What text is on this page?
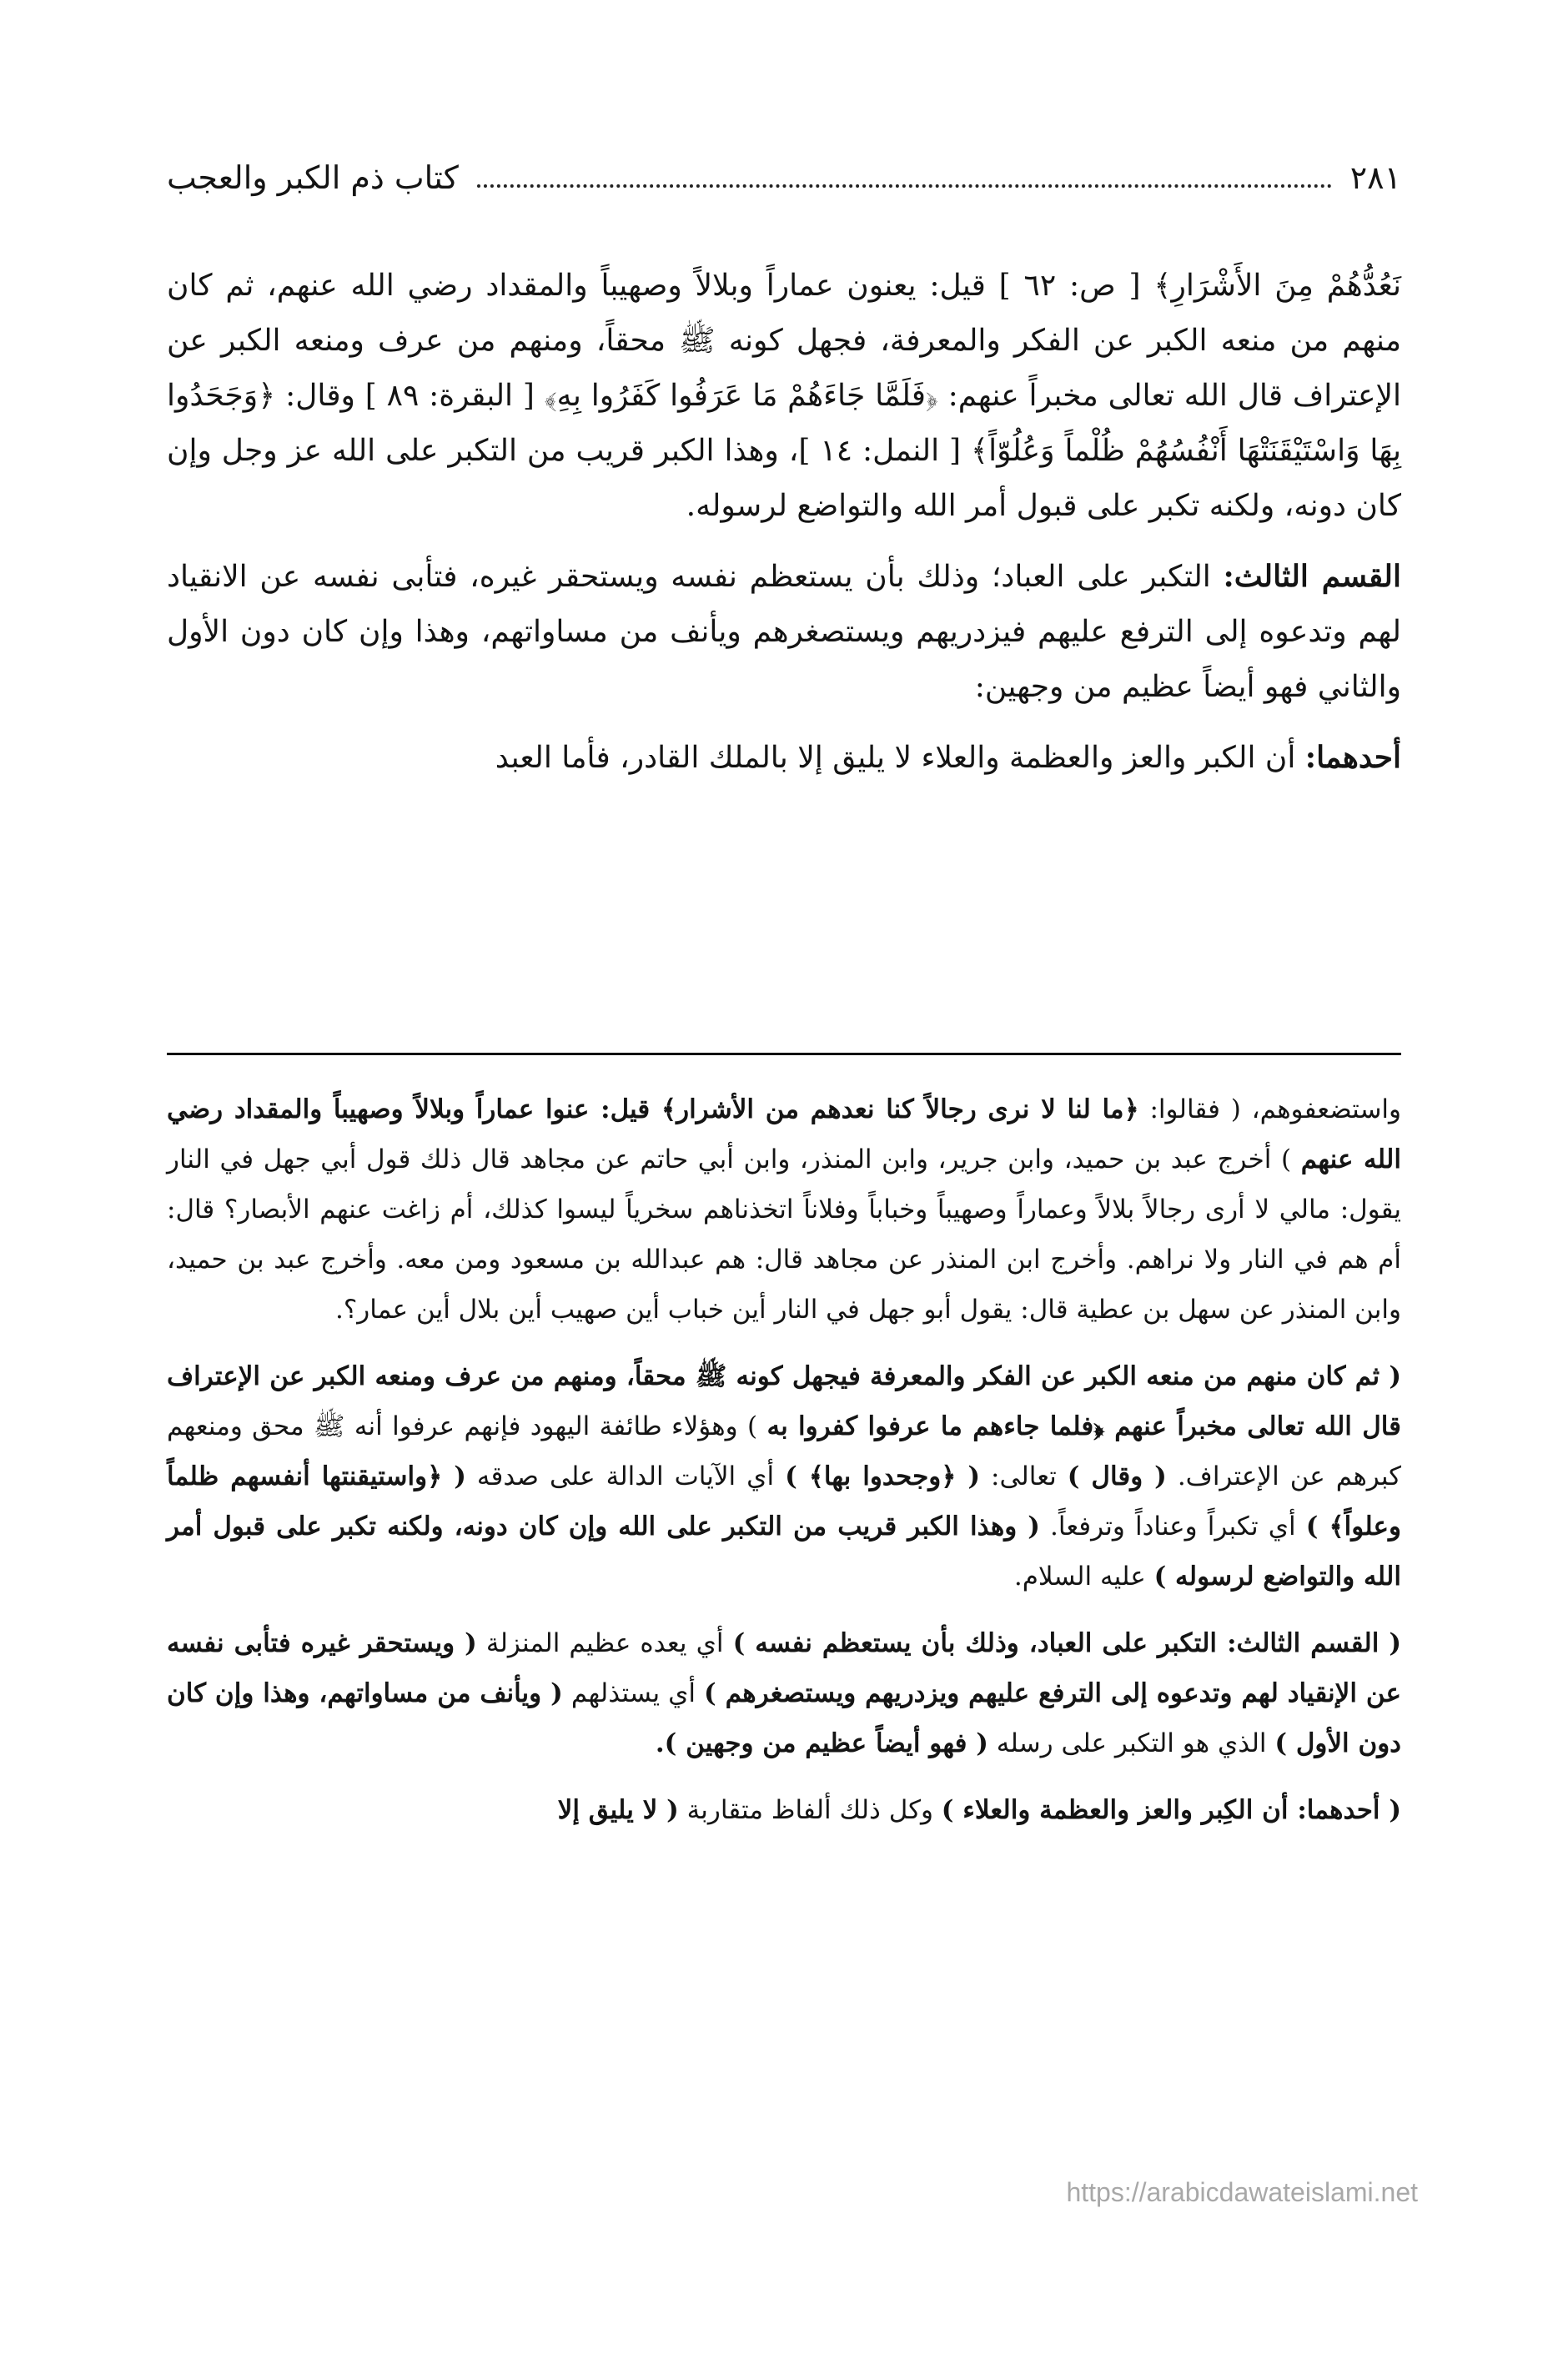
كتاب ذم الكبر والعجب	٢٨١

نَعُدُّهُمْ مِنَ الأَشْرَارِ﴾ [ ص: ٦٢ ] قيل: يعنون عماراً وبلالاً وصهيباً والمقداد رضي الله عنهم، ثم كان منهم من منعه الكبر عن الفكر والمعرفة، فجهل كونه ﷺ محقاً، ومنهم من عرف ومنعه الكبر عن الإعتراف قال الله تعالى مخبراً عنهم: ﴿فَلَمَّا جَاءَهُمْ مَا عَرَفُوا كَفَرُوا بِهِ﴾ [ البقرة: ٨٩ ] وقال: ﴿وَجَحَدُوا بِهَا وَاسْتَيْقَنَتْهَا أَنْفُسُهُمْ ظُلْماً وَعُلُوّاً﴾ [ النمل: ١٤ ]، وهذا الكبر قريب من التكبر على الله عز وجل وإن كان دونه، ولكنه تكبر على قبول أمر الله والتواضع لرسوله.

القسم الثالث: التكبر على العباد؛ وذلك بأن يستعظم نفسه ويستحقر غيره، فتأبى نفسه عن الانقياد لهم وتدعوه إلى الترفع عليهم فيزدريهم ويستصغرهم ويأنف من مساواتهم، وهذا وإن كان دون الأول والثاني فهو أيضاً عظيم من وجهين:

أحدهما: أن الكبر والعز والعظمة والعلاء لا يليق إلا بالملك القادر، فأما العبد

واستضعفوهم، ( فقالوا: ﴿ما لنا لا نرى رجالاً كنا نعدهم من الأشرار﴾ قيل: عنوا عماراً وبلالاً وصهيباً والمقداد رضي الله عنهم ) أخرج عبد بن حميد، وابن جرير، وابن المنذر، وابن أبي حاتم عن مجاهد قال ذلك قول أبي جهل في النار يقول: مالي لا أرى رجالاً بلالاً وعماراً وصهيباً وخباباً وفلاناً اتخذناهم سخرياً ليسوا كذلك، أم زاغت عنهم الأبصار؟ قال: أم هم في النار ولا نراهم. وأخرج ابن المنذر عن مجاهد قال: هم عبدالله بن مسعود ومن معه. وأخرج عبد بن حميد، وابن المنذر عن سهل بن عطية قال: يقول أبو جهل في النار أين خباب أين صهيب أين بلال أين عمار؟.

( ثم كان منهم من منعه الكبر عن الفكر والمعرفة فيجهل كونه ﷺ محقاً، ومنهم من عرف ومنعه الكبر عن الإعتراف قال الله تعالى مخبراً عنهم ﴿فلما جاءهم ما عرفوا كفروا به ) وهؤلاء طائفة اليهود فإنهم عرفوا أنه ﷺ محق ومنعهم كبرهم عن الإعتراف. ( وقال ) تعالى: ( ﴿وجحدوا بها﴾ ) أي الآيات الدالة على صدقه ( ﴿واستيقنتها أنفسهم ظلماً وعلواً﴾ ) أي تكبراً وعناداً وترفعاً. ( وهذا الكبر قريب من التكبر على الله وإن كان دونه، ولكنه تكبر على قبول أمر الله والتواضع لرسوله ) عليه السلام.

( القسم الثالث: التكبر على العباد، وذلك بأن يستعظم نفسه ) أي يعده عظيم المنزلة ( ويستحقر غيره فتأبى نفسه عن الإنقياد لهم وتدعوه إلى الترفع عليهم ويزدريهم ويستصغرهم ) أي يستذلهم ( ويأنف من مساواتهم، وهذا وإن كان دون الأول ) الذي هو التكبر على رسله ( فهو أيضاً عظيم من وجهين ).

( أحدهما: أن الكِبر والعز والعظمة والعلاء ) وكل ذلك ألفاظ متقاربة ( لا يليق إلا

https://arabicdawateislami.net
